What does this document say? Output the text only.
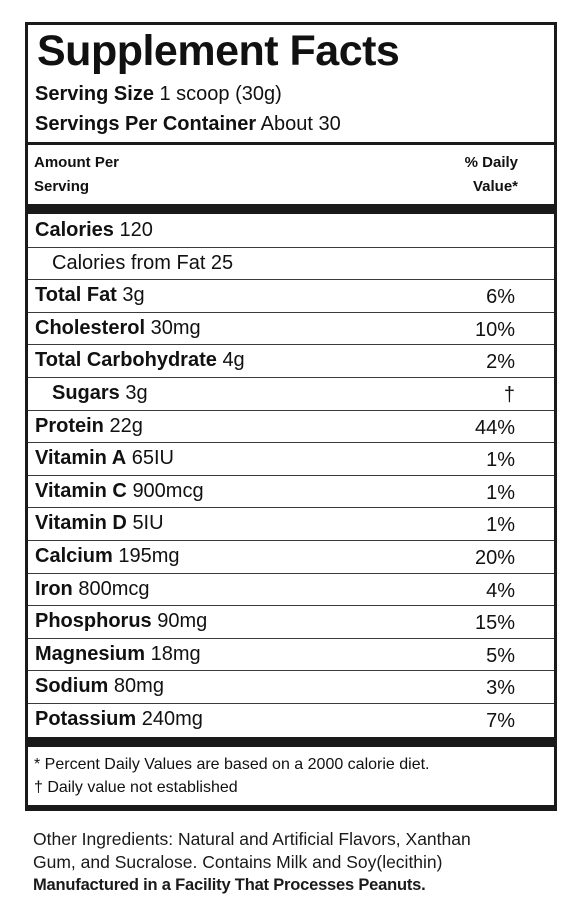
Supplement Facts
Serving Size 1 scoop (30g)
Servings Per Container About 30
Amount Per
Serving
% Daily
Value*
Calories 120
Calories from Fat 25
Total Fat 3g	6%
Cholesterol 30mg	10%
Total Carbohydrate 4g	2%
Sugars 3g	†
Protein 22g	44%
Vitamin A 65IU	1%
Vitamin C 900mcg	1%
Vitamin D 5IU	1%
Calcium 195mg	20%
Iron 800mcg	4%
Phosphorus 90mg	15%
Magnesium 18mg	5%
Sodium 80mg	3%
Potassium 240mg	7%
* Percent Daily Values are based on a 2000 calorie diet.
† Daily value not established

Other Ingredients: Natural and Artificial Flavors, Xanthan

Gum, and Sucralose. Contains Milk and Soy(lecithin)

Manufactured in a Facility That Processes Peanuts.
